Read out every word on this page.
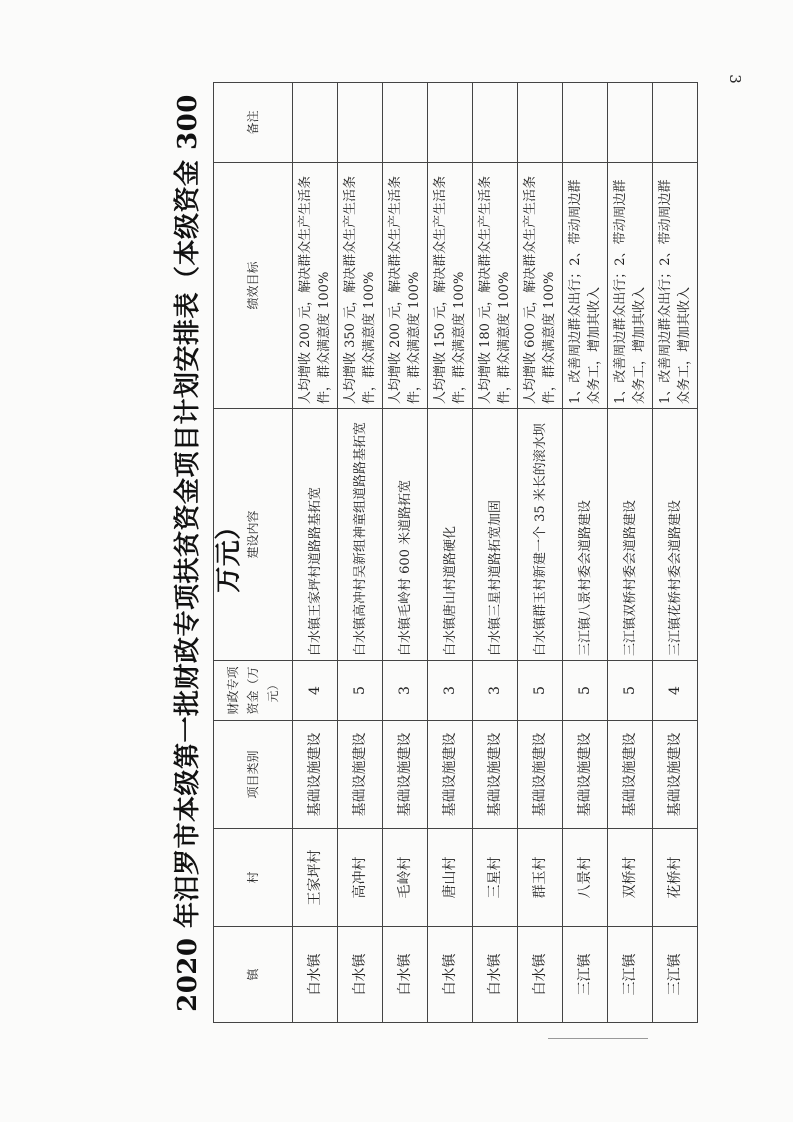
3
2020 年汨罗市本级第一批财政专项扶贫资金项目计划安排表（本级资金 300 万元）
镇	村	项目类别	财政专项资金（万元）	建设内容	绩效目标	备注
白水镇	王家坪村	基础设施建设	4	白水镇王家坪村道路路基拓宽	人均增收 200 元，解决群众生产生活条件，群众满意度 100%	
白水镇	高冲村	基础设施建设	5	白水镇高冲村吴新组神童组道路路基拓宽	人均增收 350 元，解决群众生产生活条件，群众满意度 100%	
白水镇	毛岭村	基础设施建设	3	白水镇毛岭村 600 米道路拓宽	人均增收 200 元，解决群众生产生活条件，群众满意度 100%	
白水镇	唐山村	基础设施建设	3	白水镇唐山村道路硬化	人均增收 150 元，解决群众生产生活条件，群众满意度 100%	
白水镇	三星村	基础设施建设	3	白水镇三星村道路拓宽加固	人均增收 180 元，解决群众生产生活条件，群众满意度 100%	
白水镇	群玉村	基础设施建设	5	白水镇群玉村新建一个 35 米长的滚水坝	人均增收 600 元，解决群众生产生活条件，群众满意度 100%	
三江镇	八景村	基础设施建设	5	三江镇八景村委会道路建设	1、改善周边群众出行；2、带动周边群众务工，增加其收入	
三江镇	双桥村	基础设施建设	5	三江镇双桥村委会道路建设	1、改善周边群众出行；2、带动周边群众务工，增加其收入	
三江镇	花桥村	基础设施建设	4	三江镇花桥村委会道路建设	1、改善周边群众出行；2、带动周边群众务工，增加其收入	
